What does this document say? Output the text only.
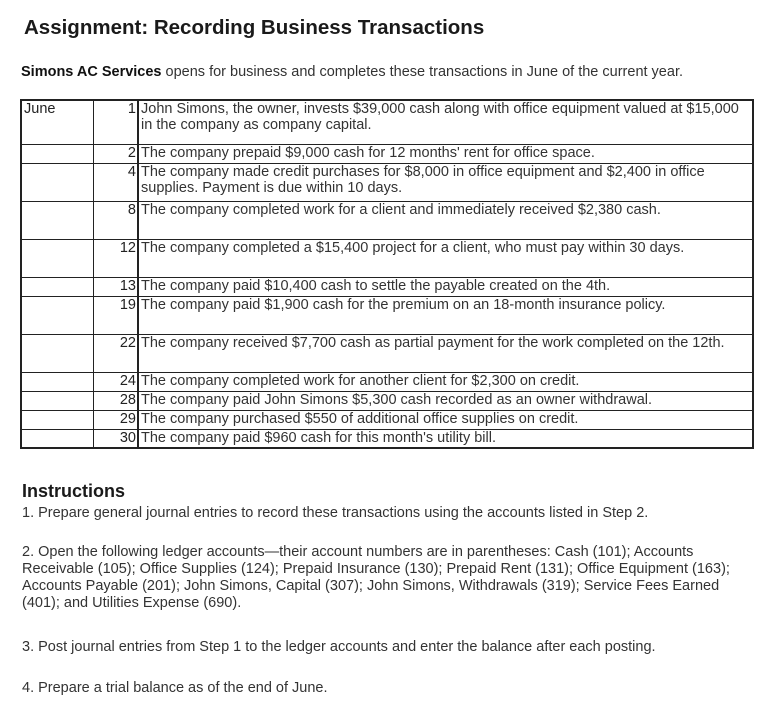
Assignment: Recording Business Transactions
Simons AC Services opens for business and completes these transactions in June of the current year.
June	1	John Simons, the owner, invests $39,000 cash along with office equipment valued at $15,000 in the company as company capital.
	2	The company prepaid $9,000 cash for 12 months' rent for office space.
	4	The company made credit purchases for $8,000 in office equipment and $2,400 in office supplies. Payment is due within 10 days.
	8	The company completed work for a client and immediately received $2,380 cash.
	12	The company completed a $15,400 project for a client, who must pay within 30 days.
	13	The company paid $10,400 cash to settle the payable created on the 4th.
	19	The company paid $1,900 cash for the premium on an 18-month insurance policy.
	22	The company received $7,700 cash as partial payment for the work completed on the 12th.
	24	The company completed work for another client for $2,300 on credit.
	28	The company paid John Simons $5,300 cash recorded as an owner withdrawal.
	29	The company purchased $550 of additional office supplies on credit.
	30	The company paid $960 cash for this month's utility bill.
Instructions

1. Prepare general journal entries to record these transactions using the accounts listed in Step 2.

2. Open the following ledger accounts—their account numbers are in parentheses: Cash (101); Accounts Receivable (105); Office Supplies (124); Prepaid Insurance (130); Prepaid Rent (131); Office Equipment (163); Accounts Payable (201); John Simons, Capital (307); John Simons, Withdrawals (319); Service Fees Earned (401); and Utilities Expense (690).

3. Post journal entries from Step 1 to the ledger accounts and enter the balance after each posting.

4. Prepare a trial balance as of the end of June.
